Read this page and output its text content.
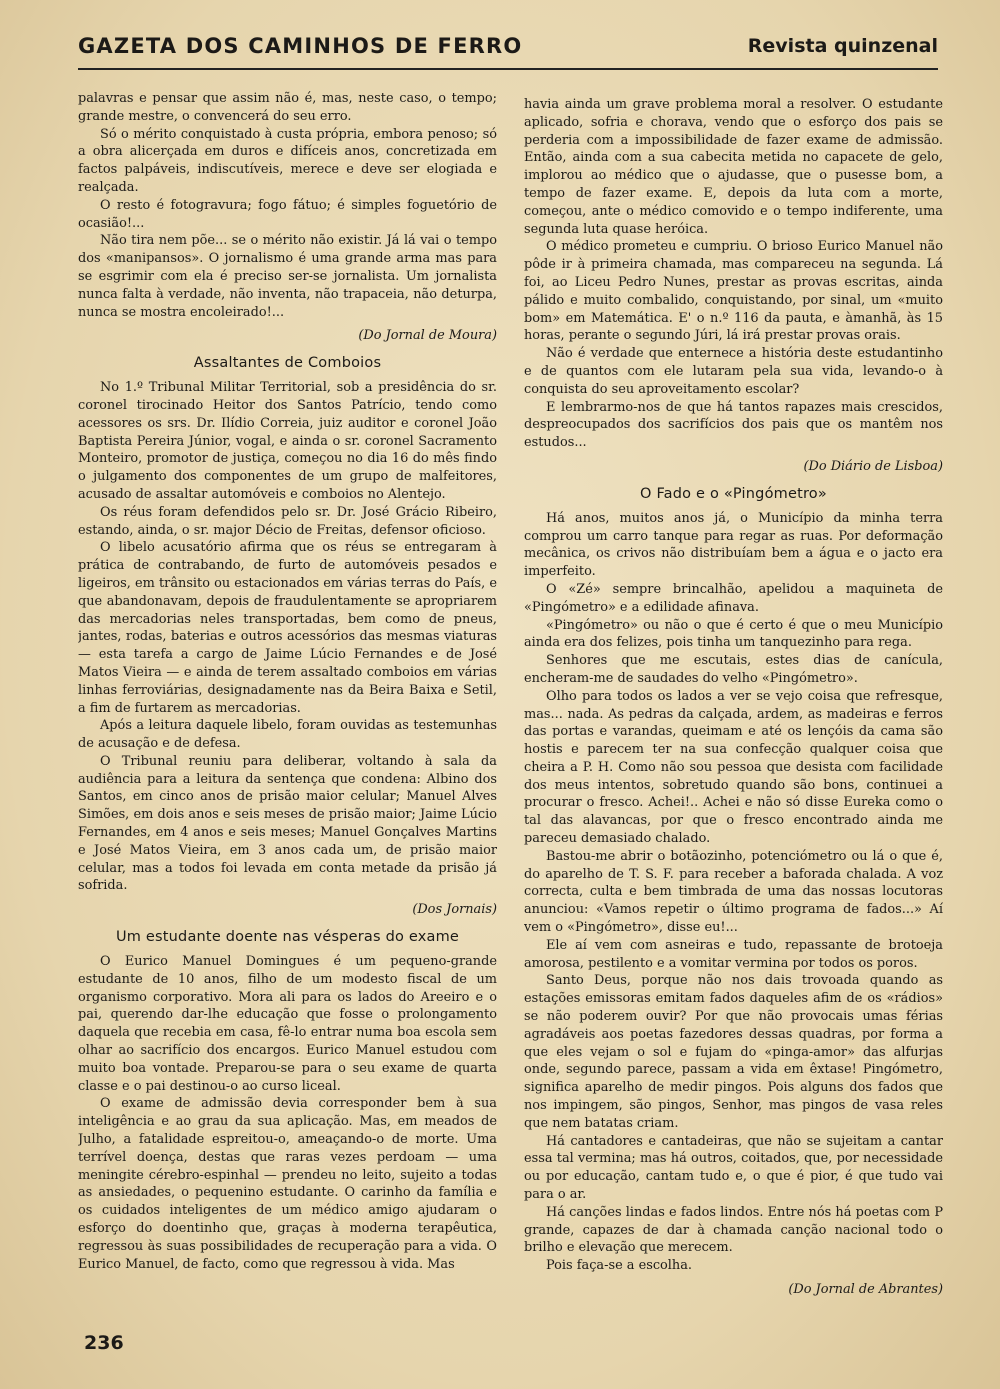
GAZETA DOS CAMINHOS DE FERRO	Revista quinzenal

palavras e pensar que assim não é, mas, neste caso, o tempo; grande mestre, o convencerá do seu erro.

Só o mérito conquistado à custa própria, embora penoso; só a obra alicerçada em duros e difíceis anos, concretizada em factos palpáveis, indiscutíveis, merece e deve ser elogiada e realçada.

O resto é fotogravura; fogo fátuo; é simples foguetório de ocasião!...

Não tira nem põe... se o mérito não existir. Já lá vai o tempo dos «manipansos». O jornalismo é uma grande arma mas para se esgrimir com ela é preciso ser-se jornalista. Um jornalista nunca falta à verdade, não inventa, não trapaceia, não deturpa, nunca se mostra encoleirado!...

(Do Jornal de Moura)

Assaltantes de Comboios

No 1.º Tribunal Militar Territorial, sob a presidência do sr. coronel tirocinado Heitor dos Santos Patrício, tendo como acessores os srs. Dr. Ilídio Correia, juiz auditor e coronel João Baptista Pereira Júnior, vogal, e ainda o sr. coronel Sacramento Monteiro, promotor de justiça, começou no dia 16 do mês findo o julgamento dos componentes de um grupo de malfeitores, acusado de assaltar automóveis e comboios no Alentejo.

Os réus foram defendidos pelo sr. Dr. José Grácio Ribeiro, estando, ainda, o sr. major Décio de Freitas, defensor oficioso.

O libelo acusatório afirma que os réus se entregaram à prática de contrabando, de furto de automóveis pesados e ligeiros, em trânsito ou estacionados em várias terras do País, e que abandonavam, depois de fraudulentamente se apropriarem das mercadorias neles transportadas, bem como de pneus, jantes, rodas, baterias e outros acessórios das mesmas viaturas — esta tarefa a cargo de Jaime Lúcio Fernandes e de José Matos Vieira — e ainda de terem assaltado comboios em várias linhas ferroviárias, designadamente nas da Beira Baixa e Setil, a fim de furtarem as mercadorias.

Após a leitura daquele libelo, foram ouvidas as testemunhas de acusação e de defesa.

O Tribunal reuniu para deliberar, voltando à sala da audiência para a leitura da sentença que condena: Albino dos Santos, em cinco anos de prisão maior celular; Manuel Alves Simões, em dois anos e seis meses de prisão maior; Jaime Lúcio Fernandes, em 4 anos e seis meses; Manuel Gonçalves Martins e José Matos Vieira, em 3 anos cada um, de prisão maior celular, mas a todos foi levada em conta metade da prisão já sofrida.

(Dos Jornais)

Um estudante doente nas vésperas do exame

O Eurico Manuel Domingues é um pequeno-grande estudante de 10 anos, filho de um modesto fiscal de um organismo corporativo. Mora ali para os lados do Areeiro e o pai, querendo dar-lhe educação que fosse o prolongamento daquela que recebia em casa, fê-lo entrar numa boa escola sem olhar ao sacrifício dos encargos. Eurico Manuel estudou com muito boa vontade. Preparou-se para o seu exame de quarta classe e o pai destinou-o ao curso liceal.

O exame de admissão devia corresponder bem à sua inteligência e ao grau da sua aplicação. Mas, em meados de Julho, a fatalidade espreitou-o, ameaçando-o de morte. Uma terrível doença, destas que raras vezes perdoam — uma meningite cérebro-espinhal — prendeu no leito, sujeito a todas as ansiedades, o pequenino estudante. O carinho da família e os cuidados inteligentes de um médico amigo ajudaram o esforço do doentinho que, graças à moderna terapêutica, regressou às suas possibilidades de recuperação para a vida. O Eurico Manuel, de facto, como que regressou à vida. Mas

havia ainda um grave problema moral a resolver. O estudante aplicado, sofria e chorava, vendo que o esforço dos pais se perderia com a impossibilidade de fazer exame de admissão. Então, ainda com a sua cabecita metida no capacete de gelo, implorou ao médico que o ajudasse, que o pusesse bom, a tempo de fazer exame. E, depois da luta com a morte, começou, ante o médico comovido e o tempo indiferente, uma segunda luta quase heróica.

O médico prometeu e cumpriu. O brioso Eurico Manuel não pôde ir à primeira chamada, mas compareceu na segunda. Lá foi, ao Liceu Pedro Nunes, prestar as provas escritas, ainda pálido e muito combalido, conquistando, por sinal, um «muito bom» em Matemática. E' o n.º 116 da pauta, e àmanhã, às 15 horas, perante o segundo Júri, lá irá prestar provas orais.

Não é verdade que enternece a história deste estudantinho e de quantos com ele lutaram pela sua vida, levando-o à conquista do seu aproveitamento escolar?

E lembrarmo-nos de que há tantos rapazes mais crescidos, despreocupados dos sacrifícios dos pais que os mantêm nos estudos...

(Do Diário de Lisboa)

O Fado e o «Pingómetro»

Há anos, muitos anos já, o Município da minha terra comprou um carro tanque para regar as ruas. Por deformação mecânica, os crivos não distribuíam bem a água e o jacto era imperfeito.

O «Zé» sempre brincalhão, apelidou a maquineta de «Pingómetro» e a edilidade afinava.

«Pingómetro» ou não o que é certo é que o meu Município ainda era dos felizes, pois tinha um tanquezinho para rega.

Senhores que me escutais, estes dias de canícula, encheram-me de saudades do velho «Pingómetro».

Olho para todos os lados a ver se vejo coisa que refresque, mas... nada. As pedras da calçada, ardem, as madeiras e ferros das portas e varandas, queimam e até os lençóis da cama são hostis e parecem ter na sua confecção qualquer coisa que cheira a P. H. Como não sou pessoa que desista com facilidade dos meus intentos, sobretudo quando são bons, continuei a procurar o fresco. Achei!.. Achei e não só disse Eureka como o tal das alavancas, por que o fresco encontrado ainda me pareceu demasiado chalado.

Bastou-me abrir o botãozinho, potenciómetro ou lá o que é, do aparelho de T. S. F. para receber a baforada chalada. A voz correcta, culta e bem timbrada de uma das nossas locutoras anunciou: «Vamos repetir o último programa de fados...» Aí vem o «Pingómetro», disse eu!...

Ele aí vem com asneiras e tudo, repassante de brotoeja amorosa, pestilento e a vomitar vermina por todos os poros.

Santo Deus, porque não nos dais trovoada quando as estações emissoras emitam fados daqueles afim de os «rádios» se não poderem ouvir? Por que não provocais umas férias agradáveis aos poetas fazedores dessas quadras, por forma a que eles vejam o sol e fujam do «pinga-amor» das alfurjas onde, segundo parece, passam a vida em êxtase! Pingómetro, significa aparelho de medir pingos. Pois alguns dos fados que nos impingem, são pingos, Senhor, mas pingos de vasa reles que nem batatas criam.

Há cantadores e cantadeiras, que não se sujeitam a cantar essa tal vermina; mas há outros, coitados, que, por necessidade ou por educação, cantam tudo e, o que é pior, é que tudo vai para o ar.

Há canções lindas e fados lindos. Entre nós há poetas com P grande, capazes de dar à chamada canção nacional todo o brilho e elevação que merecem.

Pois faça-se a escolha.

(Do Jornal de Abrantes)

236
